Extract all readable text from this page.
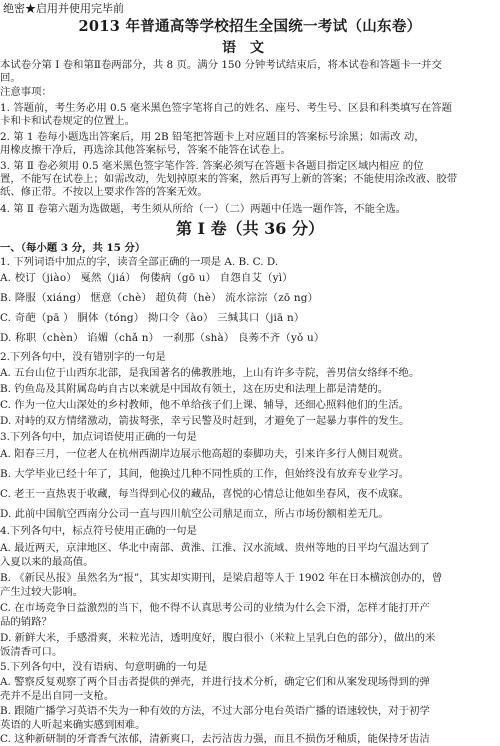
绝密★启用并使用完毕前
2013 年普通高等学校招生全国统一考试（山东卷）
语文
本试卷分第 I 卷和第Ⅱ卷两部分，共 8 页。满分 150 分钟考试结束后，将本试卷和答题卡一并交
回。
注意事项：
1. 答题前，考生务必用 0.5 毫米黑色签字笔将自己的姓名、座号、考生号、区县和科类填写在答题
卡和卡和试卷规定的位置上。
2. 第 1 卷每小题选出答案后，用 2B 铅笔把答题卡上对应题目的答案标号涂黑；如需改 动，
用橡皮擦干净后，再选涂其他答案标号，答案不能答在试卷上。
3. 第 Ⅱ 卷必须用 0.5 毫米黑色签字笔作答. 答案必须写在答题卡各题目指定区域内相应 的位
置，不能写在试卷上；如需改动，先划掉原来的答案，然后再写上新的答案；不能使用涂改液、胶带
纸、修正带。不按以上要求作答的答案无效。
4. 第 Ⅱ 卷第六题为选做题，考生须从所给（一）（二）两题中任选一题作答，不能全选。
第 I 卷（共 36 分）
一、（每小题 3 分，共 15 分）
1. 下列词语中加点的字，读音全部正确的一项是 A. B. C. D.
A. 校订（jiào） 戛然（jiá） 佝偻病（gō u） 自怨自艾（yì）
B. 降服（xiáng） 惬意（chè） 超负荷（hè） 流水淙淙（zō ng）
C. 奇葩（pā ） 胴体（tóng） 拗口令（ào） 三缄其口（jiā n）
D. 称职（chèn） 谄媚（chǎ n） 一刹那（shà） 良莠不齐（yǒ u）
2.下列各句中，没有错别字的一句是
A. 五台山位于山西东北部，是我国著名的佛教胜地，上山有许多寺院，善男信女络绎不绝。
B. 钓鱼岛及其附属岛屿自古以来就是中国故有领土，这在历史和法理上都是清楚的。
C. 作为一位大山深处的乡村教师，他不单给孩子们上课、辅导，还细心照料他们的生活。
D. 对峙的双方情绪激动，箭拔弩张，幸亏民警及时赶到，才避免了一起暴力事件的发生。
3.下列各句中，加点词语使用正确的一句是
A. 阳春三月，一位老人在杭州西湖岸边展示他高超的泰脚功夫，引来许多行人侧目观赏。
B. 大学毕业已经十年了，其间，他换过几种不同性质的工作，但始终没有放弃专业学习。
C. 老王一直热衷于收藏，每当得到心仪的藏品，喜悦的心情总让他如坐春风，夜不成寐。
D. 此前中国航空西南分公司一直与四川航空公司鼎足而立，所占市场份额相差无几。
4.下列各句中，标点符号使用正确的一句是
A. 最近两天，京津地区、华北中南部、黄淮、江淮、汉水流域、贵州等地的日平均气温达到了
入夏以来的最高值。
B. 《新民丛报》虽然名为“报”，其实却实期刊，是梁启超等人于 1902 年在日本横滨创办的，曾
产生过较大影响。
C. 在市场竞争日益激烈的当下，他不得不认真思考公司的业绩为什么会下滑，怎样才能打开产
品的销路？
D. 新鲜大米，手感滑爽，米粒光洁，透明度好，腹白很小（米粒上呈乳白色的部分），做出的米
饭清香可口。
5.下列各句中，没有语病、句意明确的一句是
A. 警察反复观察了两个目击者提供的弹壳，并进行技术分析，确定它们和从案发现场得到的弹
壳并不是出自同一支枪。
B. 跟随广播学习英语不失为一种有效的方法，不过大部分电台英语广播的语速较快，对于初学
英语的人听起来确实感到困难。
C. 这种新研制的牙膏香气浓郁，清新爽口，去污洁齿力强，而且不损伤牙釉质，能保持牙齿洁
